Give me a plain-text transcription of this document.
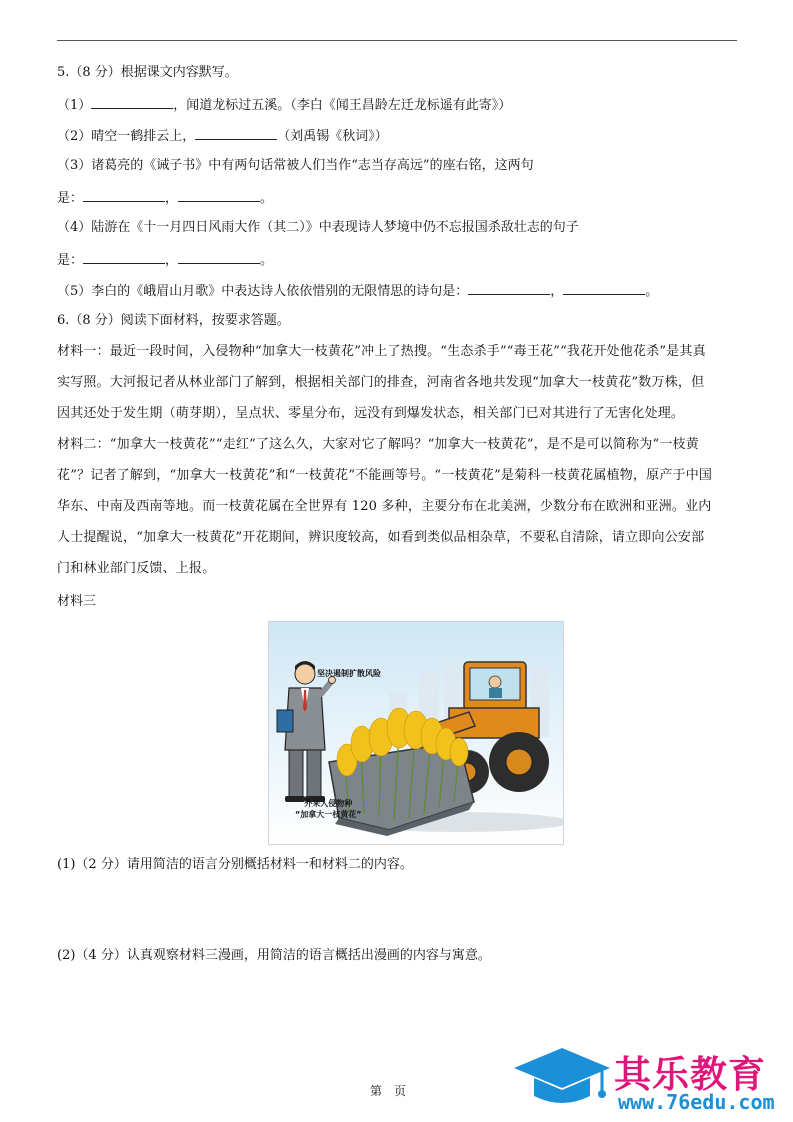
5.（8 分）根据课文内容默写。
（1）	，闻道龙标过五溪。（李白《闻王昌龄左迁龙标遥有此寄》）
（2）晴空一鹤排云上，	（刘禹锡《秋词》）
（3）诸葛亮的《诫子书》中有两句话常被人们当作“志当存高远”的座右铭，这两句
是：	，	。
（4）陆游在《十一月四日风雨大作（其二）》中表现诗人梦境中仍不忘报国杀敌壮志的句子
是：	，	。
（5）李白的《峨眉山月歌》中表达诗人依依惜别的无限情思的诗句是：	，	。
6.（8 分）阅读下面材料，按要求答题。
材料一：最近一段时间，入侵物种“加拿大一枝黄花”冲上了热搜。“生态杀手”“毒王花”“我花开处他花杀”是其真
实写照。大河报记者从林业部门了解到，根据相关部门的排查，河南省各地共发现“加拿大一枝黄花”数万株，但
因其还处于发生期（萌芽期），呈点状、零星分布，远没有到爆发状态，相关部门已对其进行了无害化处理。
材料二：“加拿大一枝黄花”“走红”了这么久，大家对它了解吗？“加拿大一枝黄花”，是不是可以简称为“一枝黄
花”？记者了解到，“加拿大一枝黄花”和“一枝黄花”不能画等号。“一枝黄花”是菊科一枝黄花属植物，原产于中国
华东、中南及西南等地。而一枝黄花属在全世界有 120 多种，主要分布在北美洲，少数分布在欧洲和亚洲。业内
人士提醒说，“加拿大一枝黄花”开花期间，辨识度较高，如看到类似品相杂草，不要私自清除，请立即向公安部
门和林业部门反馈、上报。
材料三
坚决遏制扩散风险
外来入侵物种
“加拿大一枝黄花”
(1)（2 分）请用简洁的语言分别概括材料一和材料二的内容。
(2)（4 分）认真观察材料三漫画，用简洁的语言概括出漫画的内容与寓意。
第　页	其乐教育
www.76edu.com
